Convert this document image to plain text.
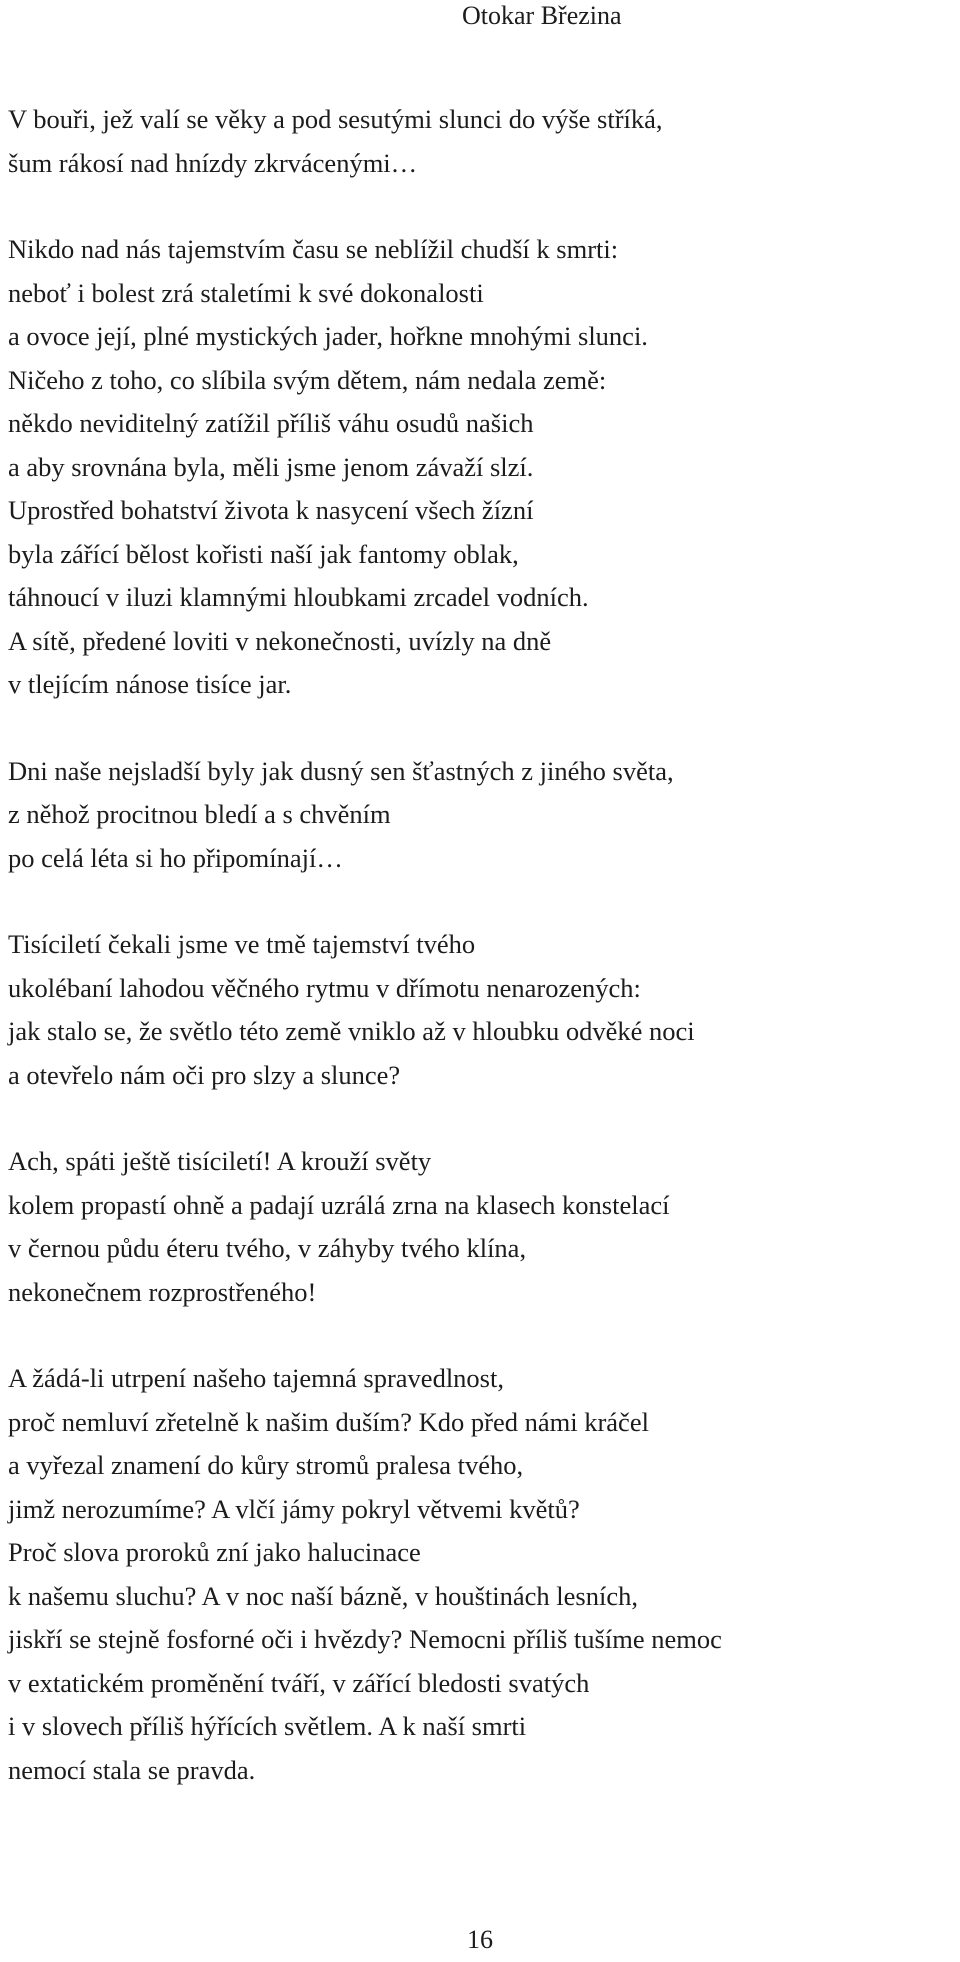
Otokar Březina
V bouři, jež valí se věky a pod sesutými slunci do výše stříká,
šum rákosí nad hnízdy zkrvácenými…
Nikdo nad nás tajemstvím času se neblížil chudší k smrti:
neboť i bolest zrá staletími k své dokonalosti
a ovoce její, plné mystických jader, hořkne mnohými slunci.
Ničeho z toho, co slíbila svým dětem, nám nedala země:
někdo neviditelný zatížil příliš váhu osudů našich
a aby srovnána byla, měli jsme jenom závaží slzí.
Uprostřed bohatství života k nasycení všech žízní
byla zářící bělost kořisti naší jak fantomy oblak,
táhnoucí v iluzi klamnými hloubkami zrcadel vodních.
A sítě, předené loviti v nekonečnosti, uvízly na dně
v tlejícím nánose tisíce jar.
Dni naše nejsladší byly jak dusný sen šťastných z jiného světa,
z něhož procitnou bledí a s chvěním
po celá léta si ho připomínají…
Tisíciletí čekali jsme ve tmě tajemství tvého
ukolébaní lahodou věčného rytmu v dřímotu nenarozených:
jak stalo se, že světlo této země vniklo až v hloubku odvěké noci
a otevřelo nám oči pro slzy a slunce?
Ach, spáti ještě tisíciletí! A krouží světy
kolem propastí ohně a padají uzrálá zrna na klasech konstelací
v černou půdu éteru tvého, v záhyby tvého klína,
nekonečnem rozprostřeného!
A žádá-li utrpení našeho tajemná spravedlnost,
proč nemluví zřetelně k našim duším? Kdo před námi kráčel
a vyřezal znamení do kůry stromů pralesa tvého,
jimž nerozumíme? A vlčí jámy pokryl větvemi květů?
Proč slova proroků zní jako halucinace
k našemu sluchu? A v noc naší bázně, v houštinách lesních,
jiskří se stejně fosforné oči i hvězdy? Nemocni příliš tušíme nemoc
v extatickém proměnění tváří, v zářící bledosti svatých
i v slovech příliš hýřících světlem. A k naší smrti
nemocí stala se pravda.
16
